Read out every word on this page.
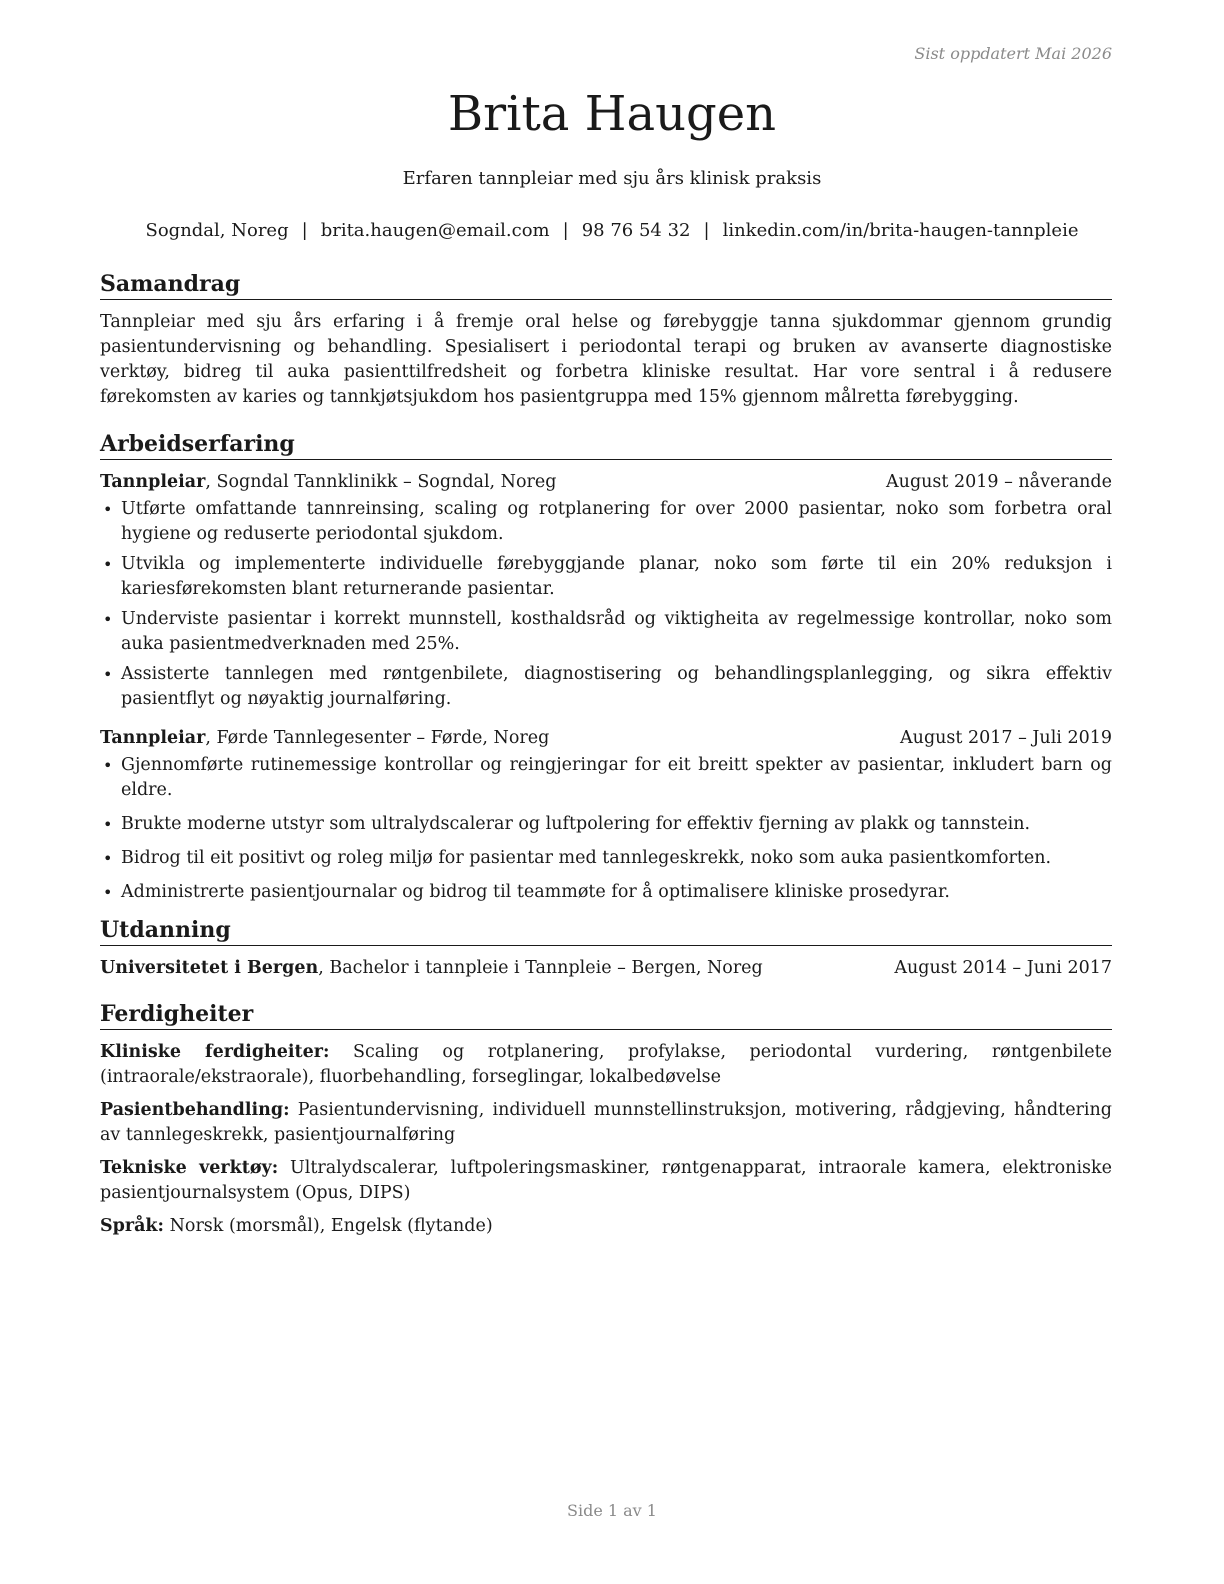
Sist oppdatert Mai 2026
Brita Haugen
Erfaren tannpleiar med sju års klinisk praksis
Sogndal, Noreg | brita.haugen@email.com | 98 76 54 32 | linkedin.com/in/brita-haugen-tannpleie
Samandrag

Tannpleiar med sju års erfaring i å fremje oral helse og førebyggje tanna sjukdommar gjennom grundig pasientundervisning og behandling. Spesialisert i periodontal terapi og bruken av avanserte diagnostiske verktøy, bidreg til auka pasienttilfredsheit og forbetra kliniske resultat. Har vore sentral i å redusere førekomsten av karies og tannkjøtsjukdom hos pasientgruppa med 15% gjennom målretta førebygging.

Arbeidserfaring
Tannpleiar, Sogndal Tannklinikk – Sogndal, Noreg	August 2019 – nåverande
• Utførte omfattande tannreinsing, scaling og rotplanering for over 2000 pasientar, noko som forbetra oral hygiene og reduserte periodontal sjukdom.
• Utvikla og implementerte individuelle førebyggjande planar, noko som førte til ein 20% reduksjon i kariesførekomsten blant returnerande pasientar.
• Underviste pasientar i korrekt munnstell, kosthaldsråd og viktigheita av regelmessige kontrollar, noko som auka pasientmedverknaden med 25%.
• Assisterte tannlegen med røntgenbilete, diagnostisering og behandlingsplanlegging, og sikra effektiv pasientflyt og nøyaktig journalføring.
Tannpleiar, Førde Tannlegesenter – Førde, Noreg	August 2017 – Juli 2019
• Gjennomførte rutinemessige kontrollar og reingjeringar for eit breitt spekter av pasientar, inkludert barn og eldre.
• Brukte moderne utstyr som ultralydscalerar og luftpolering for effektiv fjerning av plakk og tannstein.
• Bidrog til eit positivt og roleg miljø for pasientar med tannlegeskrekk, noko som auka pasientkomforten.
• Administrerte pasientjournalar og bidrog til teammøte for å optimalisere kliniske prosedyrar.
Utdanning
Universitetet i Bergen, Bachelor i tannpleie i Tannpleie – Bergen, Noreg	August 2014 – Juni 2017
Ferdigheiter

Kliniske ferdigheiter: Scaling og rotplanering, profylakse, periodontal vurdering, røntgenbilete (intraorale/ekstraorale), fluorbehandling, forseglingar, lokalbedøvelse

Pasientbehandling: Pasientundervisning, individuell munnstellinstruksjon, motivering, rådgjeving, håndtering av tannlegeskrekk, pasientjournalføring

Tekniske verktøy: Ultralydscalerar, luftpoleringsmaskiner, røntgenapparat, intraorale kamera, elektroniske pasientjournalsystem (Opus, DIPS)

Språk: Norsk (morsmål), Engelsk (flytande)

Side 1 av 1
